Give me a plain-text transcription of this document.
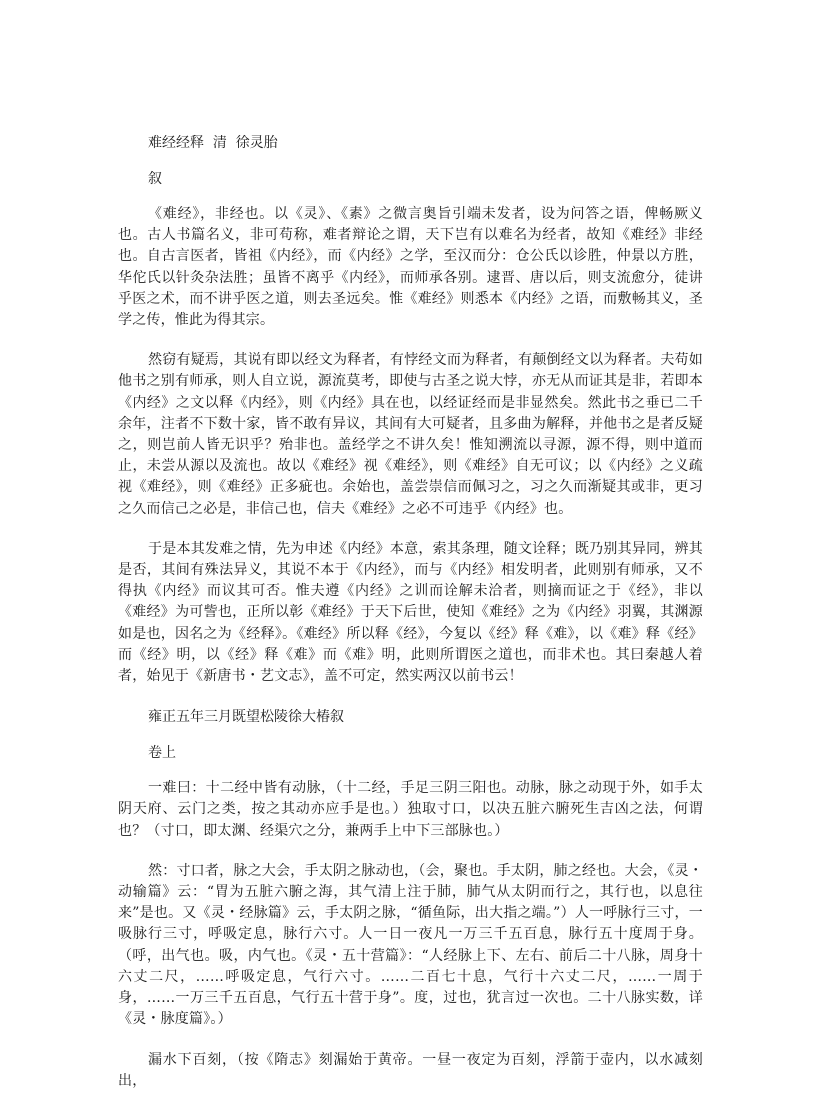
难经经释  清  徐灵胎
叙

《难经》，非经也。以《灵》、《素》之微言奥旨引端未发者，设为问答之语，俾畅厥义也。古人书篇名义，非可苟称，难者辩论之谓，天下岂有以难名为经者，故知《难经》非经也。自古言医者，皆祖《内经》，而《内经》之学，至汉而分：仓公氏以诊胜，仲景以方胜，华佗氏以针灸杂法胜；虽皆不离乎《内经》，而师承各别。逮晋、唐以后，则支流愈分，徒讲乎医之术，而不讲乎医之道，则去圣远矣。惟《难经》则悉本《内经》之语，而敷畅其义，圣学之传，惟此为得其宗。

然窃有疑焉，其说有即以经文为释者，有悖经文而为释者，有颠倒经文以为释者。夫苟如他书之别有师承，则人自立说，源流莫考，即使与古圣之说大悖，亦无从而证其是非，若即本《内经》之文以释《内经》，则《内经》具在也，以经证经而是非显然矣。然此书之垂已二千余年，注者不下数十家，皆不敢有异议，其间有大可疑者，且多曲为解释，并他书之是者反疑之，则岂前人皆无识乎？殆非也。盖经学之不讲久矣！惟知溯流以寻源，源不得，则中道而止，未尝从源以及流也。故以《难经》视《难经》，则《难经》自无可议；以《内经》之义疏视《难经》，则《难经》正多疵也。余始也，盖尝崇信而佩习之，习之久而渐疑其或非，更习之久而信己之必是，非信己也，信夫《难经》之必不可违乎《内经》也。

于是本其发难之情，先为申述《内经》本意，索其条理，随文诠释；既乃别其异同，辨其是否，其间有殊法异义，其说不本于《内经》，而与《内经》相发明者，此则别有师承，又不得执《内经》而议其可否。惟夫遵《内经》之训而诠解未洽者，则摘而证之于《经》，非以《难经》为可訾也，正所以彰《难经》于天下后世，使知《难经》之为《内经》羽翼，其渊源如是也，因名之为《经释》。《难经》所以释《经》，今复以《经》释《难》，以《难》释《经》而《经》明，以《经》释《难》而《难》明，此则所谓医之道也，而非术也。其曰秦越人着者，始见于《新唐书・艺文志》，盖不可定，然实两汉以前书云！

雍正五年三月既望松陵徐大椿叙
卷上

一难曰：十二经中皆有动脉，（十二经，手足三阴三阳也。动脉，脉之动现于外，如手太阴天府、云门之类，按之其动亦应手是也。）独取寸口，以决五脏六腑死生吉凶之法，何谓也？（寸口，即太渊、经渠穴之分，兼两手上中下三部脉也。）

然：寸口者，脉之大会，手太阴之脉动也，（会，聚也。手太阴，肺之经也。大会，《灵・动输篇》云：“胃为五脏六腑之海，其气清上注于肺，肺气从太阴而行之，其行也，以息往来”是也。又《灵・经脉篇》云，手太阴之脉，“循鱼际，出大指之端。”）人一呼脉行三寸，一吸脉行三寸，呼吸定息，脉行六寸。人一日一夜凡一万三千五百息，脉行五十度周于身。（呼，出气也。吸，内气也。《灵・五十营篇》：“人经脉上下、左右、前后二十八脉，周身十六丈二尺，……呼吸定息，气行六寸。……二百七十息，气行十六丈二尺，……一周于身，……一万三千五百息，气行五十营于身”。度，过也，犹言过一次也。二十八脉实数，详《灵・脉度篇》。）

漏水下百刻，（按《隋志》刻漏始于黄帝。一昼一夜定为百刻，浮箭于壶内，以水减刻出，
